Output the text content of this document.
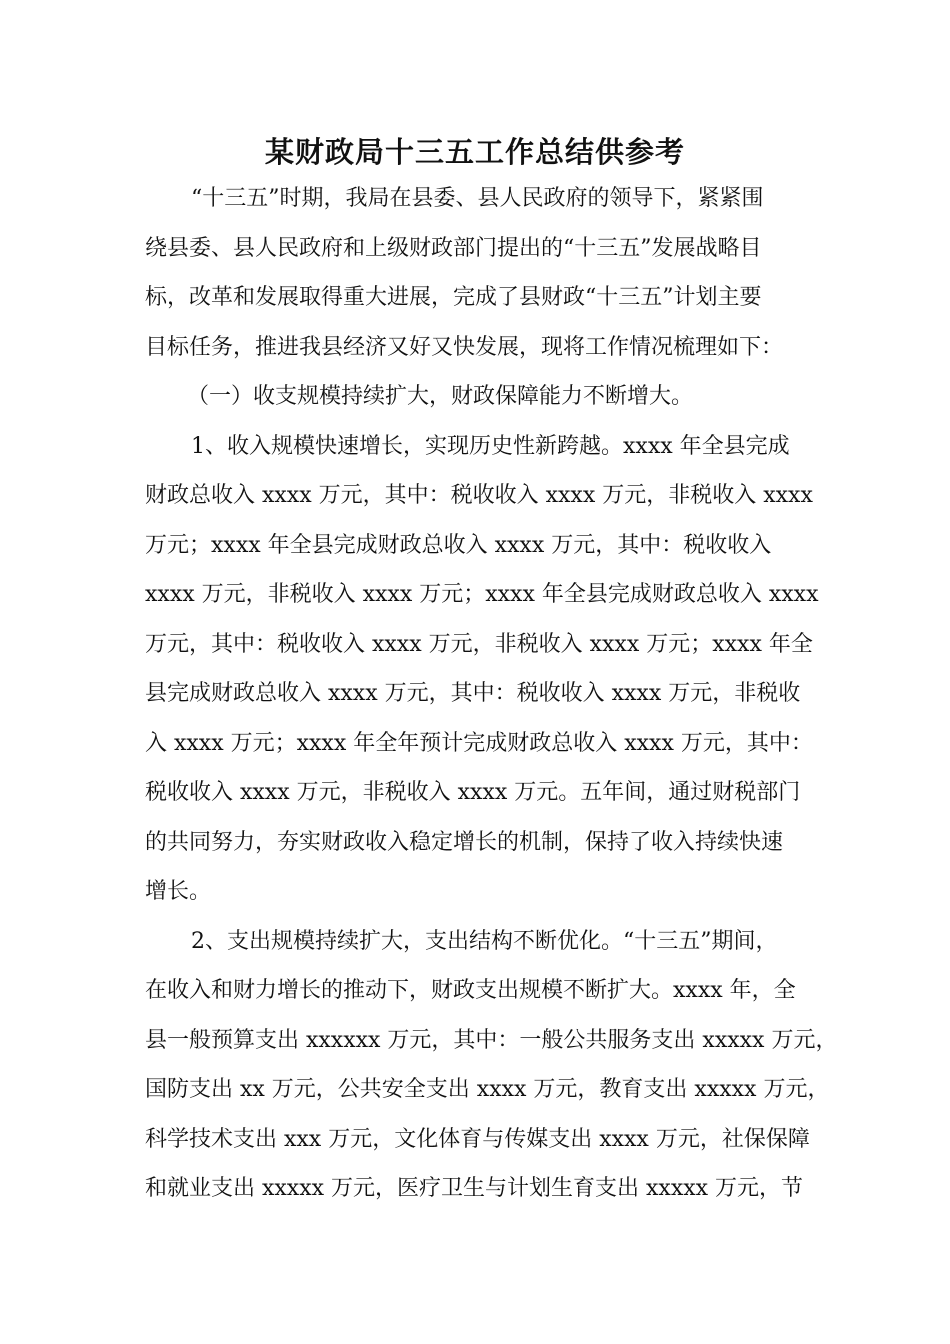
某财政局十三五工作总结供参考
“十三五”时期，我局在县委、县人民政府的领导下，紧紧围
绕县委、县人民政府和上级财政部门提出的“十三五”发展战略目
标，改革和发展取得重大进展，完成了县财政“十三五”计划主要
目标任务，推进我县经济又好又快发展，现将工作情况梳理如下：
（一）收支规模持续扩大，财政保障能力不断增大。
1、收入规模快速增长，实现历史性新跨越。xxxx 年全县完成
财政总收入 xxxx 万元，其中：税收收入 xxxx 万元，非税收入 xxxx
万元；xxxx 年全县完成财政总收入 xxxx 万元，其中：税收收入
xxxx 万元，非税收入 xxxx 万元；xxxx 年全县完成财政总收入 xxxx
万元，其中：税收收入 xxxx 万元，非税收入 xxxx 万元；xxxx 年全
县完成财政总收入 xxxx 万元，其中：税收收入 xxxx 万元，非税收
入 xxxx 万元；xxxx 年全年预计完成财政总收入 xxxx 万元，其中：
税收收入 xxxx 万元，非税收入 xxxx 万元。五年间，通过财税部门
的共同努力，夯实财政收入稳定增长的机制，保持了收入持续快速
增长。
2、支出规模持续扩大，支出结构不断优化。“十三五”期间，
在收入和财力增长的推动下，财政支出规模不断扩大。xxxx 年，全
县一般预算支出 xxxxxx 万元，其中：一般公共服务支出 xxxxx 万元，
国防支出 xx 万元，公共安全支出 xxxx 万元，教育支出 xxxxx 万元，
科学技术支出 xxx 万元，文化体育与传媒支出 xxxx 万元，社保保障
和就业支出 xxxxx 万元，医疗卫生与计划生育支出 xxxxx 万元，节
